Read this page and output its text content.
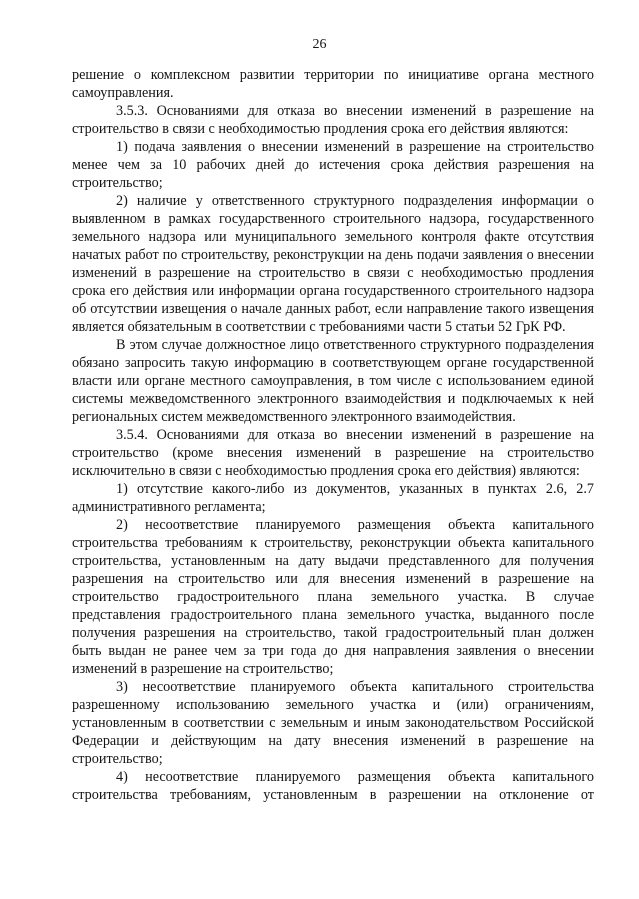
26

решение о комплексном развитии территории по инициативе органа местного самоуправления.

3.5.3. Основаниями для отказа во внесении изменений в разрешение на строительство в связи с необходимостью продления срока его действия являются:

1) подача заявления о внесении изменений в разрешение на строительство менее чем за 10 рабочих дней до истечения срока действия разрешения на строительство;

2) наличие у ответственного структурного подразделения информации о выявленном в рамках государственного строительного надзора, государственного земельного надзора или муниципального земельного контроля факте отсутствия начатых работ по строительству, реконструкции на день подачи заявления о внесении изменений в разрешение на строительство в связи с необходимостью продления срока его действия или информации органа государственного строительного надзора об отсутствии извещения о начале данных работ, если направление такого извещения является обязательным в соответствии с требованиями части 5 статьи 52 ГрК РФ.

В этом случае должностное лицо ответственного структурного подразделения обязано запросить такую информацию в соответствующем органе государственной власти или органе местного самоуправления, в том числе с использованием единой системы межведомственного электронного взаимодействия и подключаемых к ней региональных систем межведомственного электронного взаимодействия.

3.5.4. Основаниями для отказа во внесении изменений в разрешение на строительство (кроме внесения изменений в разрешение на строительство исключительно в связи с необходимостью продления срока его действия) являются:

1) отсутствие какого-либо из документов, указанных в пунктах 2.6, 2.7 административного регламента;

2) несоответствие планируемого размещения объекта капитального строительства требованиям к строительству, реконструкции объекта капитального строительства, установленным на дату выдачи представленного для получения разрешения на строительство или для внесения изменений в разрешение на строительство градостроительного плана земельного участка. В случае представления градостроительного плана земельного участка, выданного после получения разрешения на строительство, такой градостроительный план должен быть выдан не ранее чем за три года до дня направления заявления о внесении изменений в разрешение на строительство;

3) несоответствие планируемого объекта капитального строительства разрешенному использованию земельного участка и (или) ограничениям, установленным в соответствии с земельным и иным законодательством Российской Федерации и действующим на дату внесения изменений в разрешение на строительство;

4) несоответствие планируемого размещения объекта капитального строительства требованиям, установленным в разрешении на отклонение от
